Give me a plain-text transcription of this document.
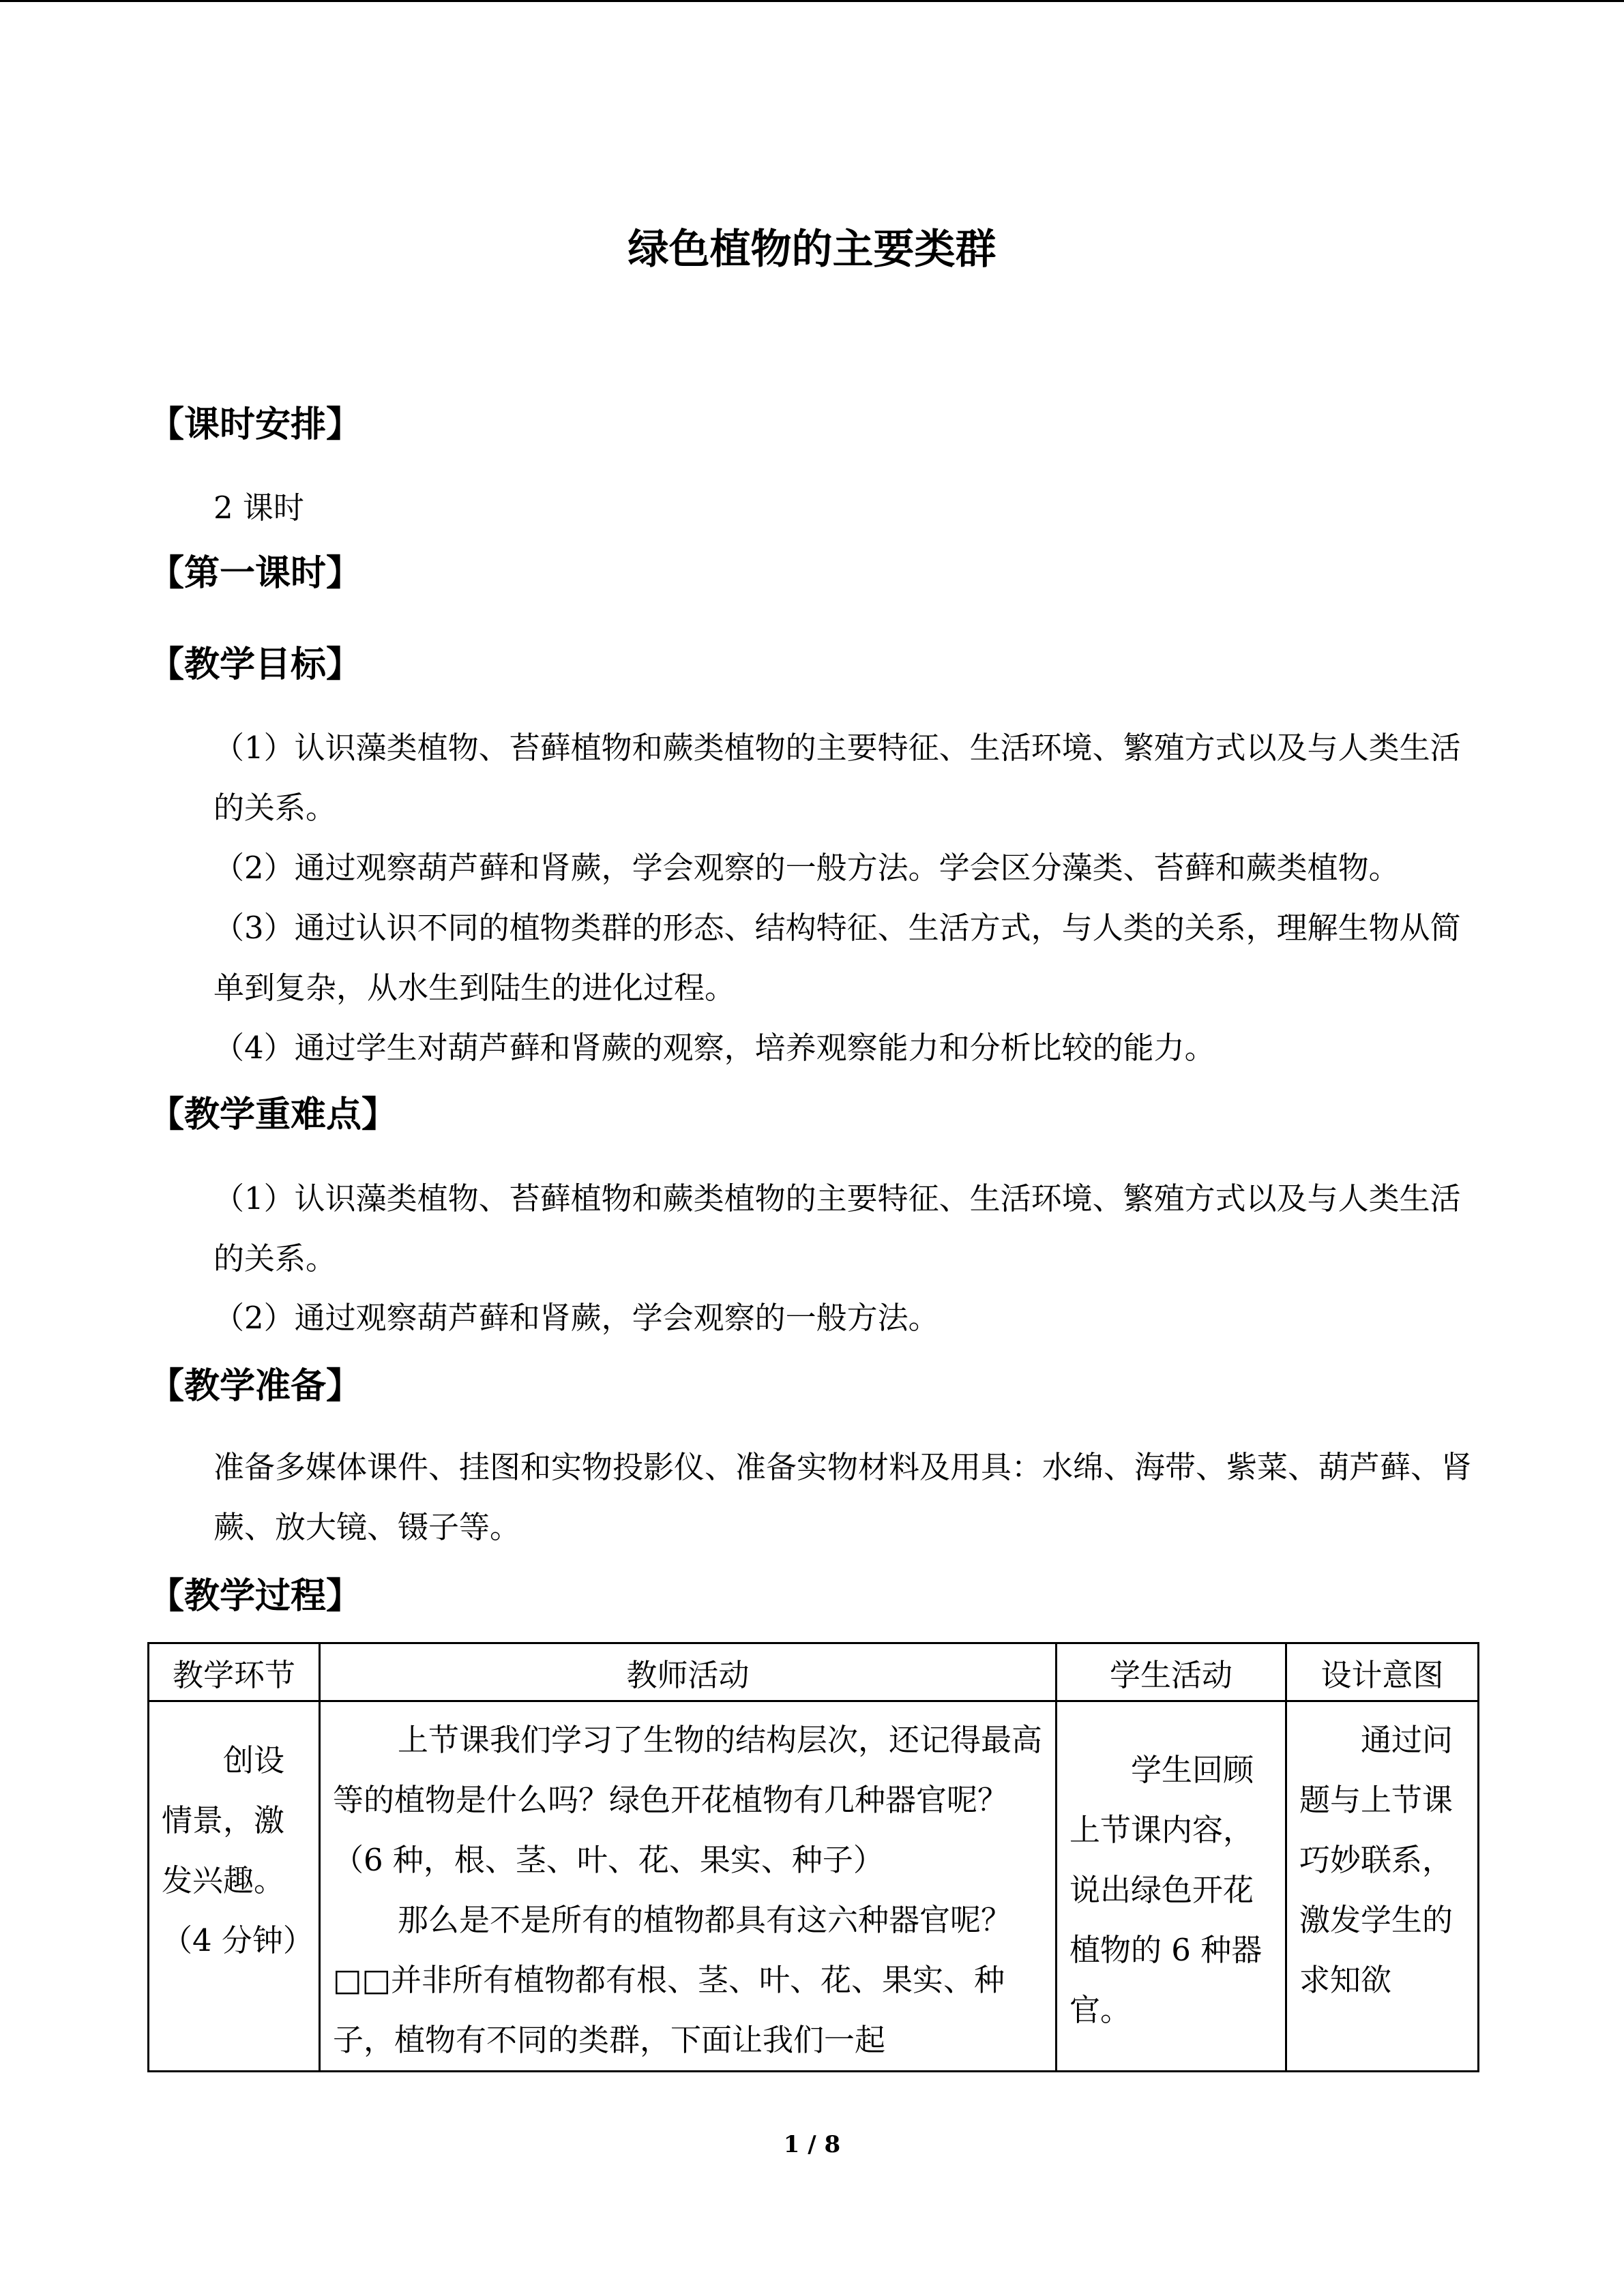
绿色植物的主要类群
【课时安排】
2 课时
【第一课时】
【教学目标】
（1）认识藻类植物、苔藓植物和蕨类植物的主要特征、生活环境、繁殖方式以及与人类生活的关系。
（2）通过观察葫芦藓和肾蕨，学会观察的一般方法。学会区分藻类、苔藓和蕨类植物。
（3）通过认识不同的植物类群的形态、结构特征、生活方式，与人类的关系，理解生物从简单到复杂，从水生到陆生的进化过程。
（4）通过学生对葫芦藓和肾蕨的观察，培养观察能力和分析比较的能力。
【教学重难点】
（1）认识藻类植物、苔藓植物和蕨类植物的主要特征、生活环境、繁殖方式以及与人类生活的关系。
（2）通过观察葫芦藓和肾蕨，学会观察的一般方法。
【教学准备】
准备多媒体课件、挂图和实物投影仪、准备实物材料及用具：水绵、海带、紫菜、葫芦藓、肾蕨、放大镜、镊子等。
【教学过程】
教学环节	教师活动	学生活动	设计意图

创设情景，激发兴趣。（4 分钟）	上节课我们学习了生物的结构层次，还记得最高等的植物是什么吗？绿色开花植物有几种器官呢？（6 种，根、茎、叶、花、果实、种子）
那么是不是所有的植物都具有这六种器官呢？□□并非所有植物都有根、茎、叶、花、果实、种子，植物有不同的类群，下面让我们一起	学生回顾上节课内容，说出绿色开花植物的 6 种器官。	通过问题与上节课巧妙联系，激发学生的求知欲
1 / 8
